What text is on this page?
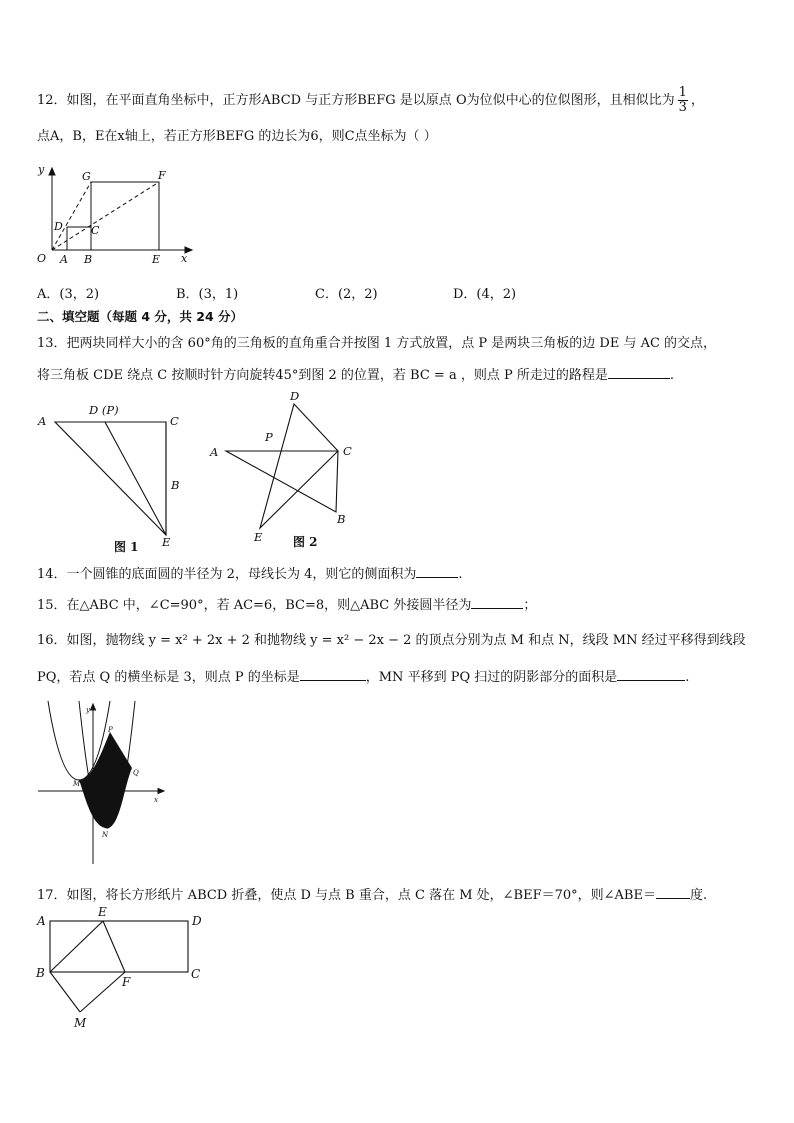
12．如图，在平面直角坐标中，正方形ABCD 与正方形BEFG 是以原点 O为位似中心的位似图形，且相似比为 $\frac{1}{3}$ ，
点A，B，E在x轴上，若正方形BEFG 的边长为6，则C点坐标为（ ）
y
x
O A B	E
G	F
D	C
A．(3，2)	B．(3，1)	C．(2，2)	D．(4，2)
二、填空题（每题 4 分，共 24 分）
13．把两块同样大小的含 60°角的三角板的直角重合并按图 1 方式放置，点 P 是两块三角板的边 DE 与 AC 的交点，
将三角板 CDE 绕点 C 按顺时针方向旋转45°到图 2 的位置，若 BC = a ，则点 P 所走过的路程是	.
A
D (P)
C
B
E
图 1
D
P
A	C
E
B
图 2
14．一个圆锥的底面圆的半径为 2，母线长为 4，则它的侧面积为	.
15．在△ABC 中，∠C=90°，若 AC=6，BC=8，则△ABC 外接圆半径为	；
16．如图，抛物线 y = x² + 2x + 2 和抛物线 y = x² − 2x − 2 的顶点分别为点 M 和点 N，线段 MN 经过平移得到线段
PQ，若点 Q 的横坐标是 3，则点 P 的坐标是	，MN 平移到 PQ 扫过的阴影部分的面积是	.
y
x
M
N
P
Q
17．如图，将长方形纸片 ABCD 折叠，使点 D 与点 B 重合，点 C 落在 M 处，∠BEF＝70°，则∠ABE＝	度.
A
E
D
B
F
C
M
